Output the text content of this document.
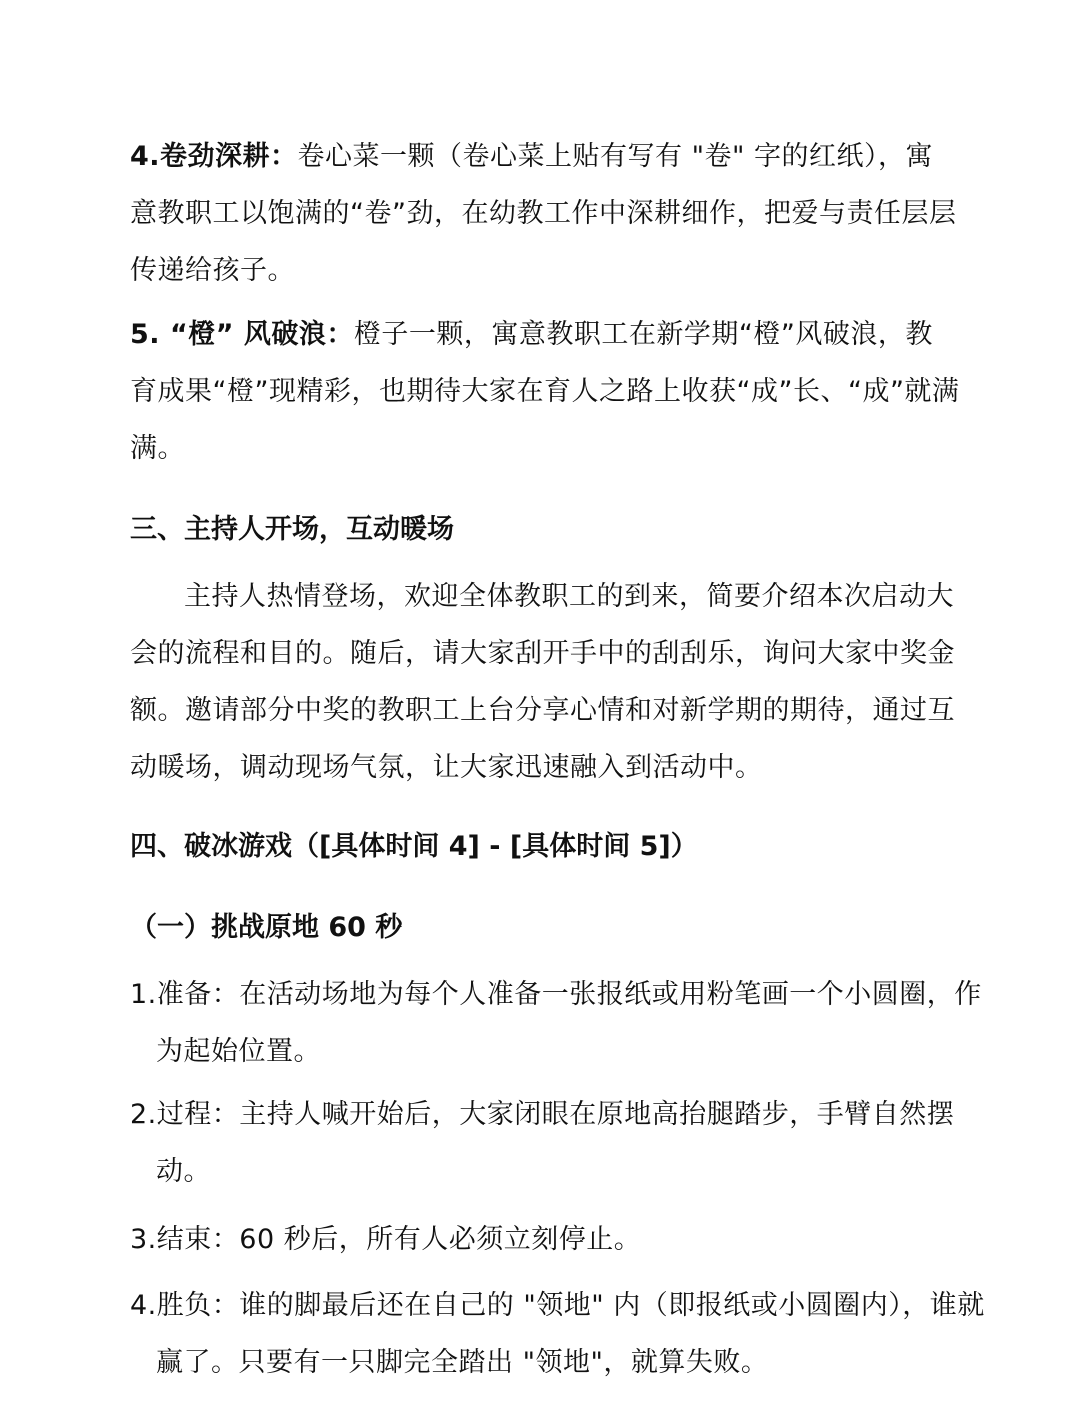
4.卷劲深耕：卷心菜一颗（卷心菜上贴有写有 "卷" 字的红纸），寓意教职工以饱满的“卷”劲，在幼教工作中深耕细作，把爱与责任层层传递给孩子。
5. “橙” 风破浪：橙子一颗，寓意教职工在新学期“橙”风破浪，教育成果“橙”现精彩，也期待大家在育人之路上收获“成”长、“成”就满满。
三、主持人开场，互动暖场
主持人热情登场，欢迎全体教职工的到来，简要介绍本次启动大会的流程和目的。随后，请大家刮开手中的刮刮乐，询问大家中奖金额。邀请部分中奖的教职工上台分享心情和对新学期的期待，通过互动暖场，调动现场气氛，让大家迅速融入到活动中。
四、破冰游戏（[具体时间 4] - [具体时间 5]）
（一）挑战原地 60 秒
1.准备：在活动场地为每个人准备一张报纸或用粉笔画一个小圆圈，作为起始位置。
2.过程：主持人喊开始后，大家闭眼在原地高抬腿踏步，手臂自然摆动。
3.结束：60 秒后，所有人必须立刻停止。
4.胜负：谁的脚最后还在自己的 "领地" 内（即报纸或小圆圈内），谁就赢了。只要有一只脚完全踏出 "领地"，就算失败。
